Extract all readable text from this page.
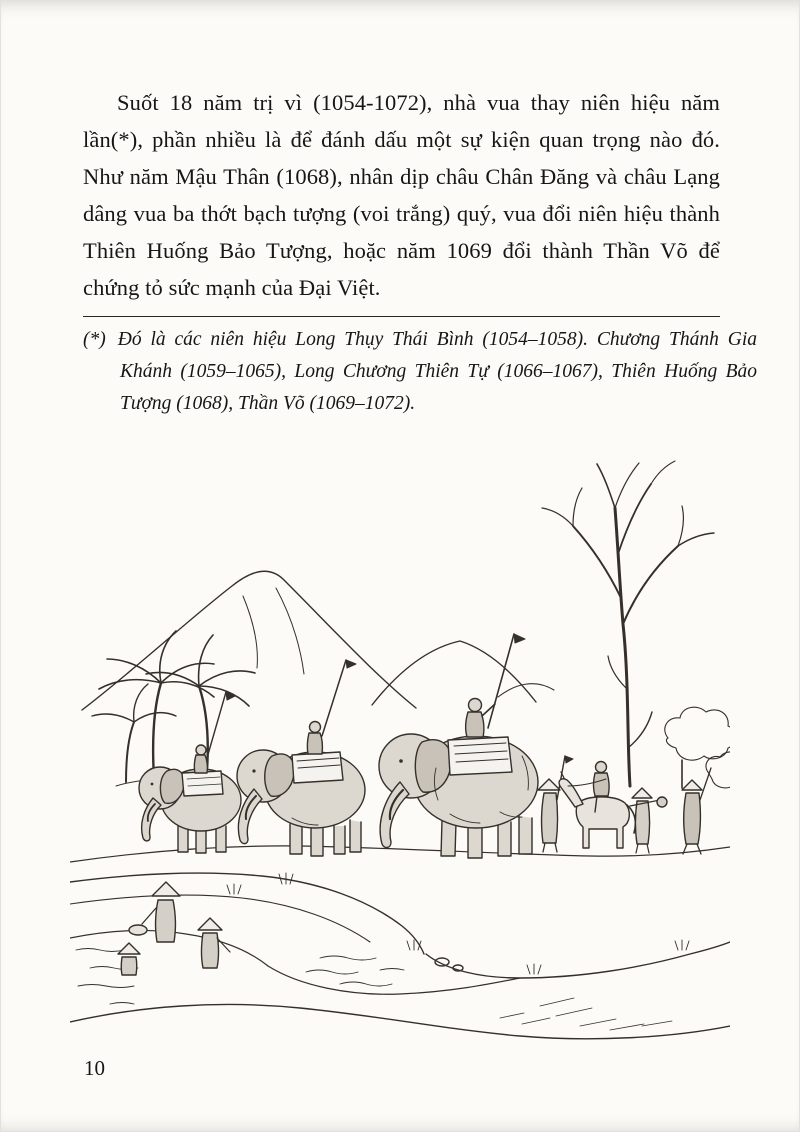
Suốt 18 năm trị vì (1054-1072), nhà vua thay niên hiệu năm lần(*), phần nhiều là để đánh dấu một sự kiện quan trọng nào đó. Như năm Mậu Thân (1068), nhân dịp châu Chân Đăng và châu Lạng dâng vua ba thớt bạch tượng (voi trắng) quý, vua đổi niên hiệu thành Thiên Huống Bảo Tượng, hoặc năm 1069 đổi thành Thần Võ để chứng tỏ sức mạnh của Đại Việt.

(*) Đó là các niên hiệu Long Thụy Thái Bình (1054–1058). Chương Thánh Gia Khánh (1059–1065), Long Chương Thiên Tự (1066–1067), Thiên Huống Bảo Tượng (1068), Thần Võ (1069–1072).

10
